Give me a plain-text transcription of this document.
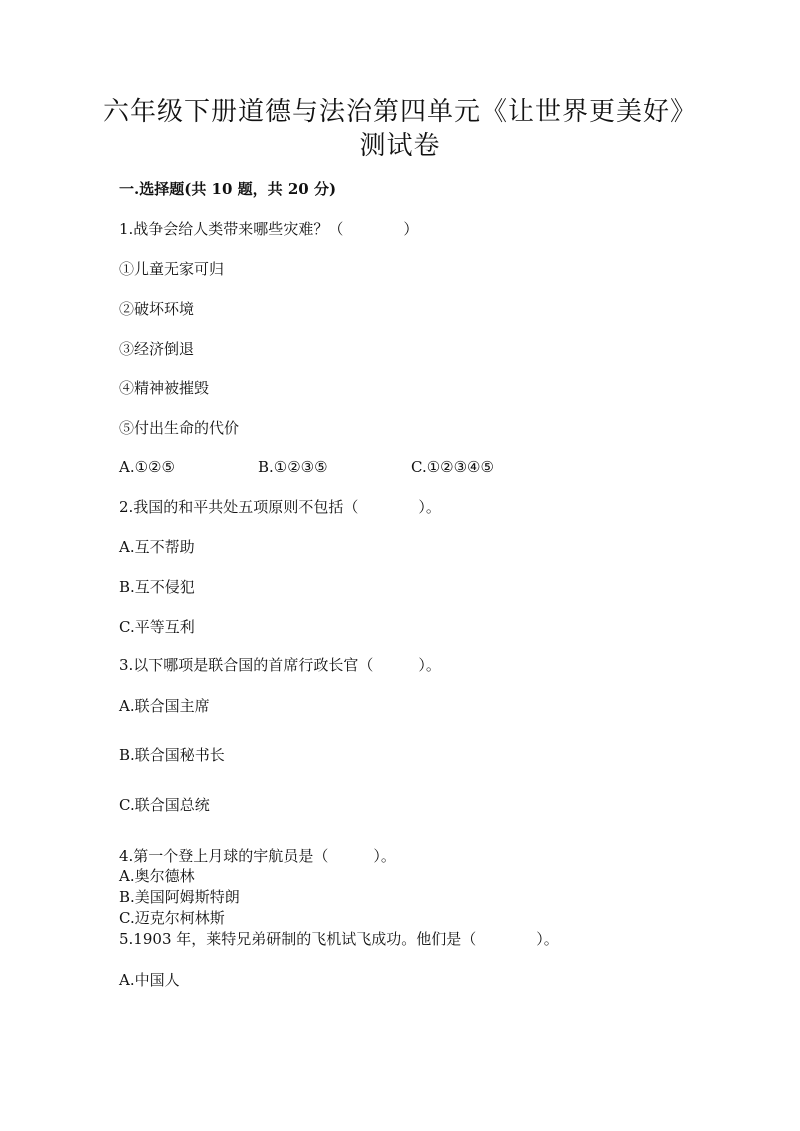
六年级下册道德与法治第四单元《让世界更美好》
测试卷
一.选择题(共 10 题，共 20 分)
1.战争会给人类带来哪些灾难？（　　　　）
①儿童无家可归
②破坏环境
③经济倒退
④精神被摧毁
⑤付出生命的代价
A.①②⑤	B.①②③⑤	C.①②③④⑤
2.我国的和平共处五项原则不包括（　　　　）。
A.互不帮助
B.互不侵犯
C.平等互利
3.以下哪项是联合国的首席行政长官（　　　）。
A.联合国主席
B.联合国秘书长
C.联合国总统
4.第一个登上月球的宇航员是（　　　）。
A.奥尔德林
B.美国阿姆斯特朗
C.迈克尔柯林斯
5.1903 年，莱特兄弟研制的飞机试飞成功。他们是（　　　　）。
A.中国人
